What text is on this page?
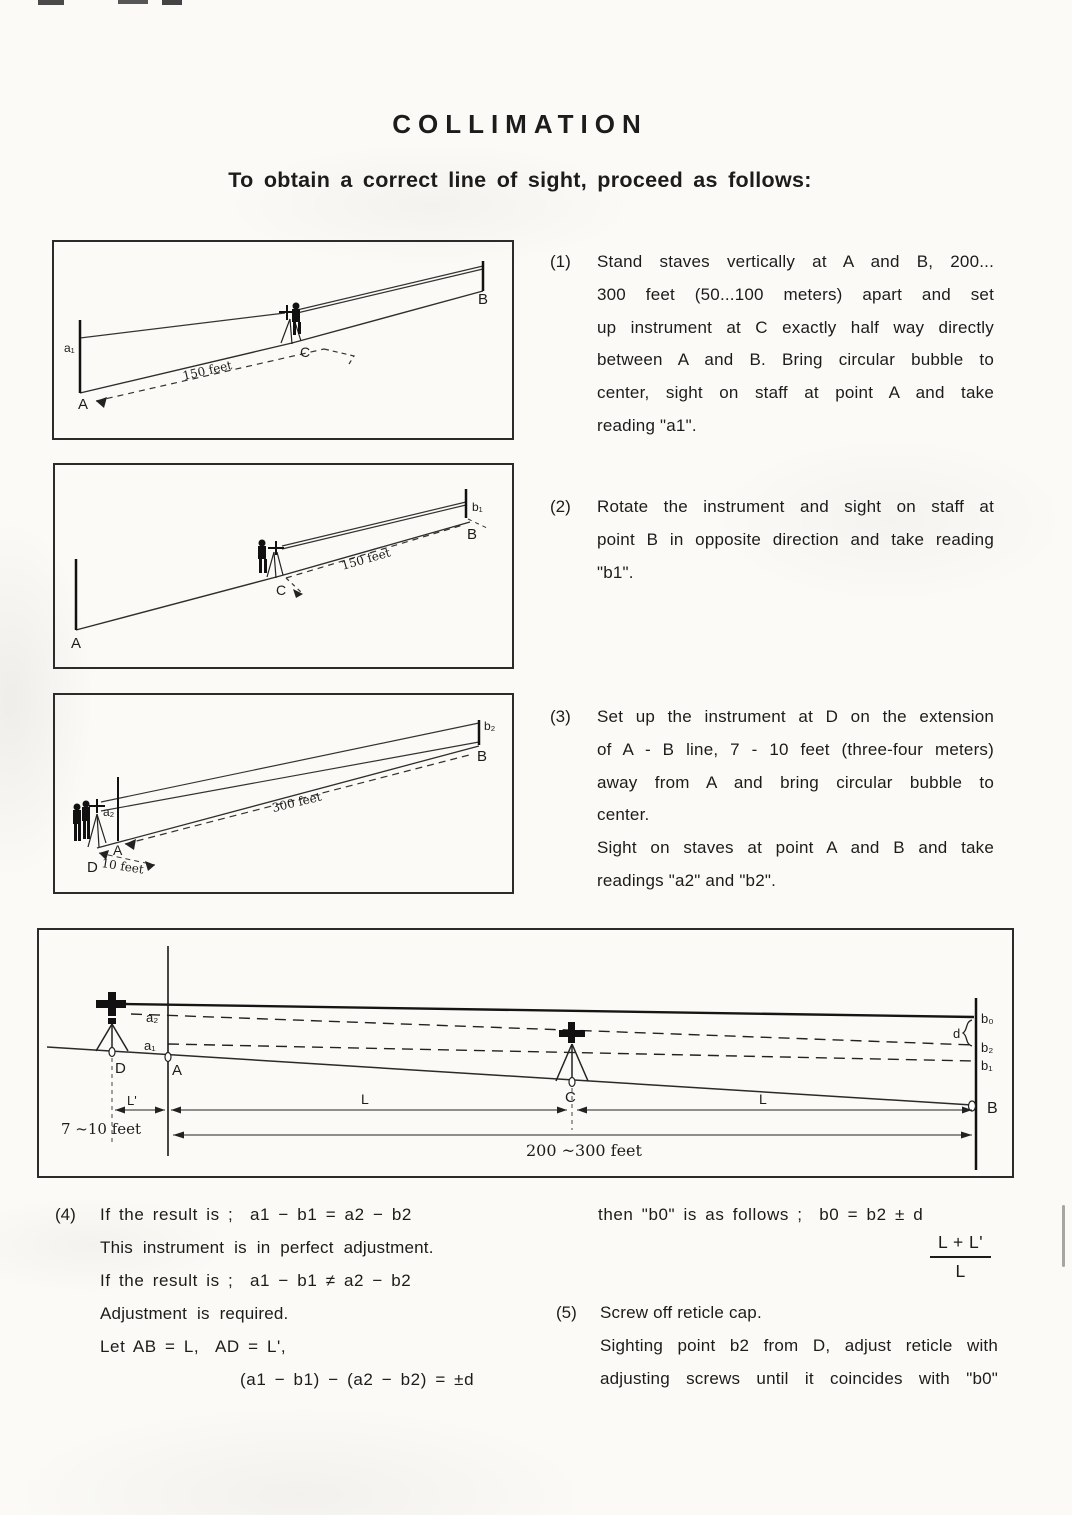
COLLIMATION
To obtain a correct line of sight, proceed as follows:
150 feet
a₁
A
C
B
(1)	Stand staves vertically at A and B, 200...
300 feet (50...100 meters) apart and set
up instrument at C exactly half way directly
between A and B. Bring circular bubble to
center, sight on staff at point A and take
reading "a1".
150 feet
A
C
b₁
B
(2)	Rotate the instrument and sight on staff at
point B in opposite direction and take reading
"b1".
300 feet
10 feet
D
a₂
A
b₂
B
(3)	Set up the instrument at D on the extension
of A - B line, 7 - 10 feet (three-four meters)
away from A and bring circular bubble to
center.
Sight on staves at point A and B and take
readings "a2" and "b2".
D	A
C
B
a₂
a₁
b₀
b₂
b₁
d
L'	L	L
7 ~10 feet
200 ~300 feet
(4)	If the result is ;  a1 − b1 = a2 − b2
This instrument is in perfect adjustment.
If the result is ;  a1 − b1 ≠ a2 − b2
Adjustment is required.
Let AB = L,  AD = L',
(a1 − b1) − (a2 − b2) = ±d
then "b0" is as follows ;  b0 = b2 ± d
$\frac{L + L'}{L}$
(5)	Screw off reticle cap.
Sighting point b2 from D, adjust reticle with
adjusting screws until it coincides with "b0"
